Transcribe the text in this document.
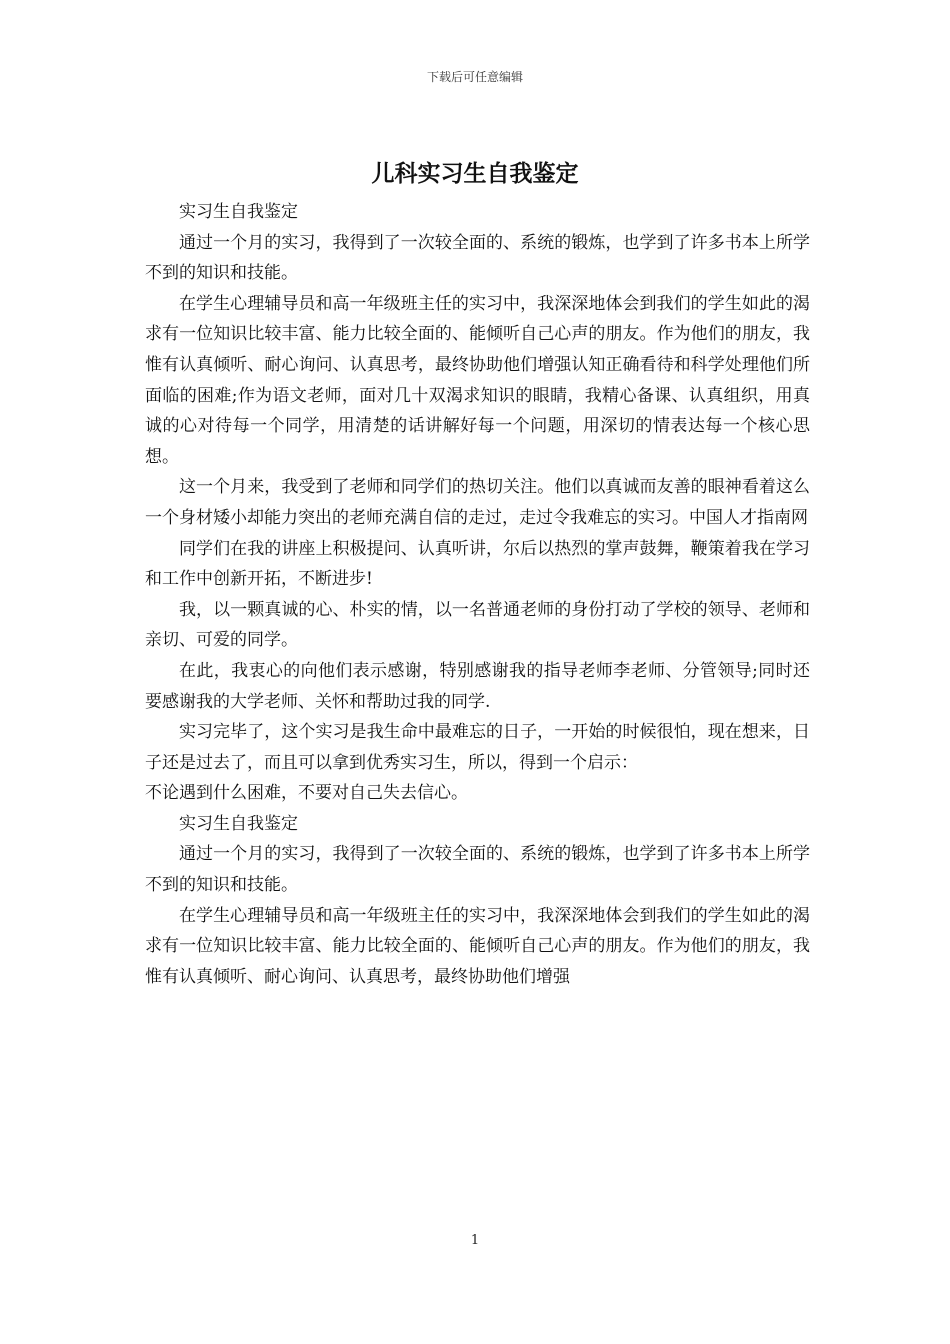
下载后可任意编辑
儿科实习生自我鉴定

实习生自我鉴定

通过一个月的实习，我得到了一次较全面的、系统的锻炼，也学到了许多书本上所学不到的知识和技能。

在学生心理辅导员和高一年级班主任的实习中，我深深地体会到我们的学生如此的渴求有一位知识比较丰富、能力比较全面的、能倾听自己心声的朋友。作为他们的朋友，我惟有认真倾听、耐心询问、认真思考，最终协助他们增强认知正确看待和科学处理他们所面临的困难;作为语文老师，面对几十双渴求知识的眼睛，我精心备课、认真组织，用真诚的心对待每一个同学，用清楚的话讲解好每一个问题，用深切的情表达每一个核心思想。

这一个月来，我受到了老师和同学们的热切关注。他们以真诚而友善的眼神看着这么一个身材矮小却能力突出的老师充满自信的走过，走过令我难忘的实习。中国人才指南网

同学们在我的讲座上积极提问、认真听讲，尔后以热烈的掌声鼓舞，鞭策着我在学习和工作中创新开拓，不断进步!

我，以一颗真诚的心、朴实的情，以一名普通老师的身份打动了学校的领导、老师和亲切、可爱的同学。

在此，我衷心的向他们表示感谢，特别感谢我的指导老师李老师、分管领导;同时还要感谢我的大学老师、关怀和帮助过我的同学.

实习完毕了，这个实习是我生命中最难忘的日子，一开始的时候很怕，现在想来，日子还是过去了，而且可以拿到优秀实习生，所以，得到一个启示：
不论遇到什么困难，不要对自己失去信心。

实习生自我鉴定

通过一个月的实习，我得到了一次较全面的、系统的锻炼，也学到了许多书本上所学不到的知识和技能。

在学生心理辅导员和高一年级班主任的实习中，我深深地体会到我们的学生如此的渴求有一位知识比较丰富、能力比较全面的、能倾听自己心声的朋友。作为他们的朋友，我惟有认真倾听、耐心询问、认真思考，最终协助他们增强

1
